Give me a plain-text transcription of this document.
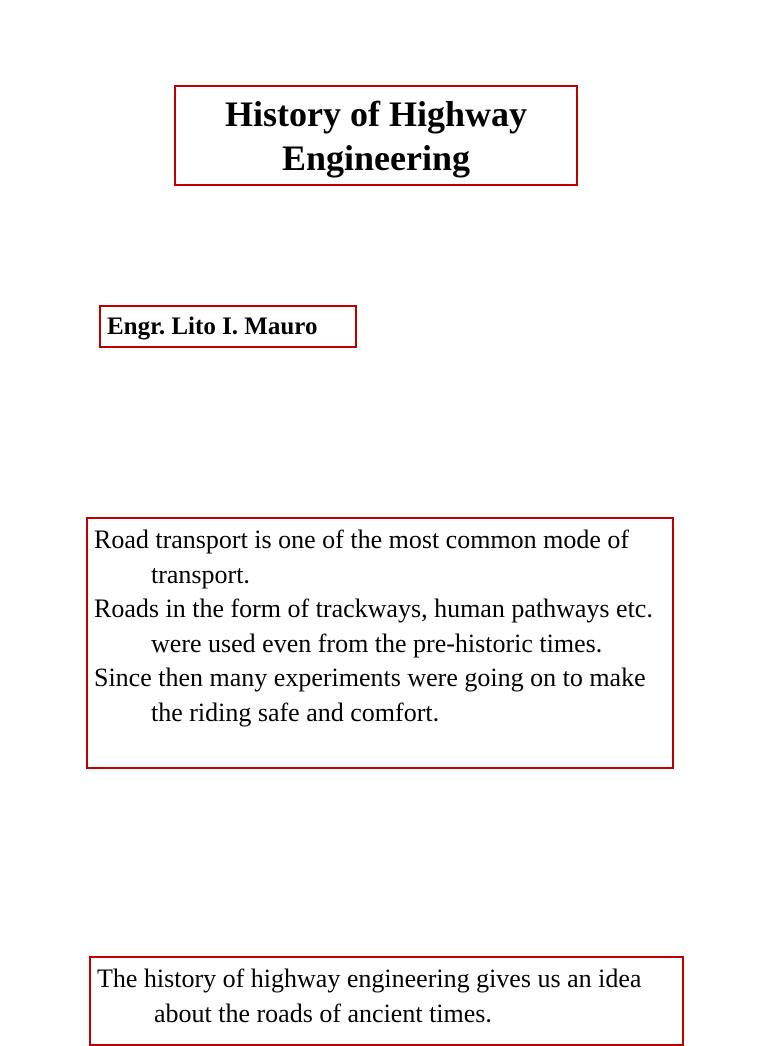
History of Highway
Engineering
Engr. Lito I. Mauro

Road transport is one of the most common mode of transport.

Roads in the form of trackways, human pathways etc. were used even from the pre-historic times.

Since then many experiments were going on to make the riding safe and comfort.

The history of highway engineering gives us an idea about the roads of ancient times.
